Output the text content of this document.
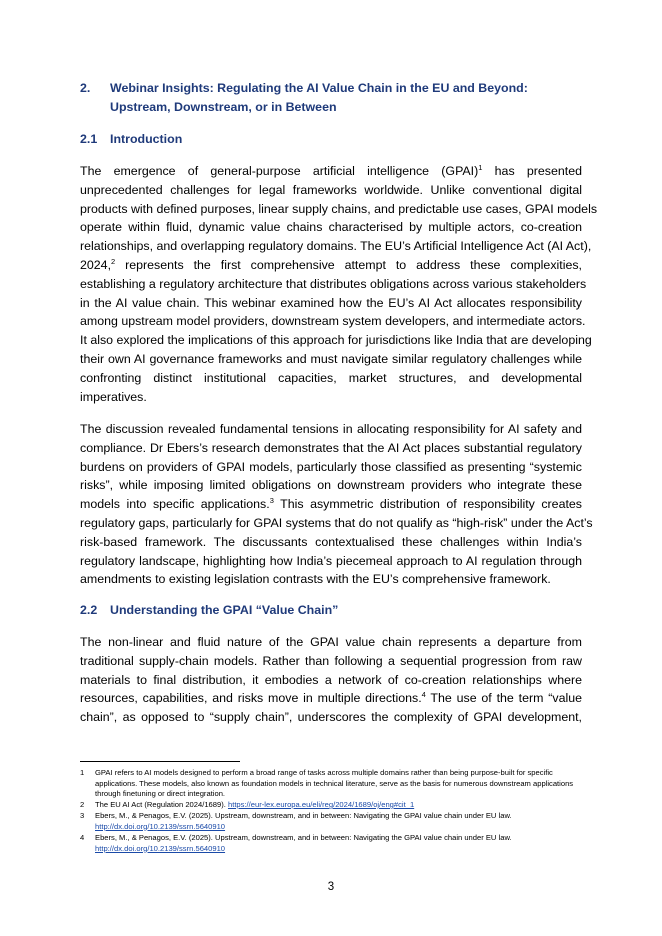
2.	Webinar Insights: Regulating the AI Value Chain in the EU and Beyond: Upstream, Downstream, or in Between
2.1	Introduction
The emergence of general-purpose artificial intelligence (GPAI)$^1$ has presented
unprecedented challenges for legal frameworks worldwide. Unlike conventional digital
products with defined purposes, linear supply chains, and predictable use cases, GPAI models
operate within fluid, dynamic value chains characterised by multiple actors, co-creation
relationships, and overlapping regulatory domains. The EU’s Artificial Intelligence Act (AI Act),
2024,$^2$ represents the first comprehensive attempt to address these complexities,
establishing a regulatory architecture that distributes obligations across various stakeholders
in the AI value chain. This webinar examined how the EU’s AI Act allocates responsibility
among upstream model providers, downstream system developers, and intermediate actors.
It also explored the implications of this approach for jurisdictions like India that are developing
their own AI governance frameworks and must navigate similar regulatory challenges while
confronting distinct institutional capacities, market structures, and developmental
imperatives.
The discussion revealed fundamental tensions in allocating responsibility for AI safety and
compliance. Dr Ebers’s research demonstrates that the AI Act places substantial regulatory
burdens on providers of GPAI models, particularly those classified as presenting “systemic
risks”, while imposing limited obligations on downstream providers who integrate these
models into specific applications.$^3$ This asymmetric distribution of responsibility creates
regulatory gaps, particularly for GPAI systems that do not qualify as “high-risk” under the Act’s
risk-based framework. The discussants contextualised these challenges within India’s
regulatory landscape, highlighting how India’s piecemeal approach to AI regulation through
amendments to existing legislation contrasts with the EU’s comprehensive framework.
2.2	Understanding the GPAI “Value Chain”
The non-linear and fluid nature of the GPAI value chain represents a departure from
traditional supply-chain models. Rather than following a sequential progression from raw
materials to final distribution, it embodies a network of co-creation relationships where
resources, capabilities, and risks move in multiple directions.$^4$ The use of the term “value
chain”, as opposed to “supply chain”, underscores the complexity of GPAI development,
1	GPAI refers to AI models designed to perform a broad range of tasks across multiple domains rather than being purpose-built for specific applications. These models, also known as foundation models in technical literature, serve as the basis for numerous downstream applications through finetuning or direct integration.
2	The EU AI Act (Regulation 2024/1689). https://eur-lex.europa.eu/eli/reg/2024/1689/oj/eng#cit_1
3	Ebers, M., & Penagos, E.V. (2025). Upstream, downstream, and in between: Navigating the GPAI value chain under EU law.
http://dx.doi.org/10.2139/ssrn.5640910
4	Ebers, M., & Penagos, E.V. (2025). Upstream, downstream, and in between: Navigating the GPAI value chain under EU law.
http://dx.doi.org/10.2139/ssrn.5640910
3
